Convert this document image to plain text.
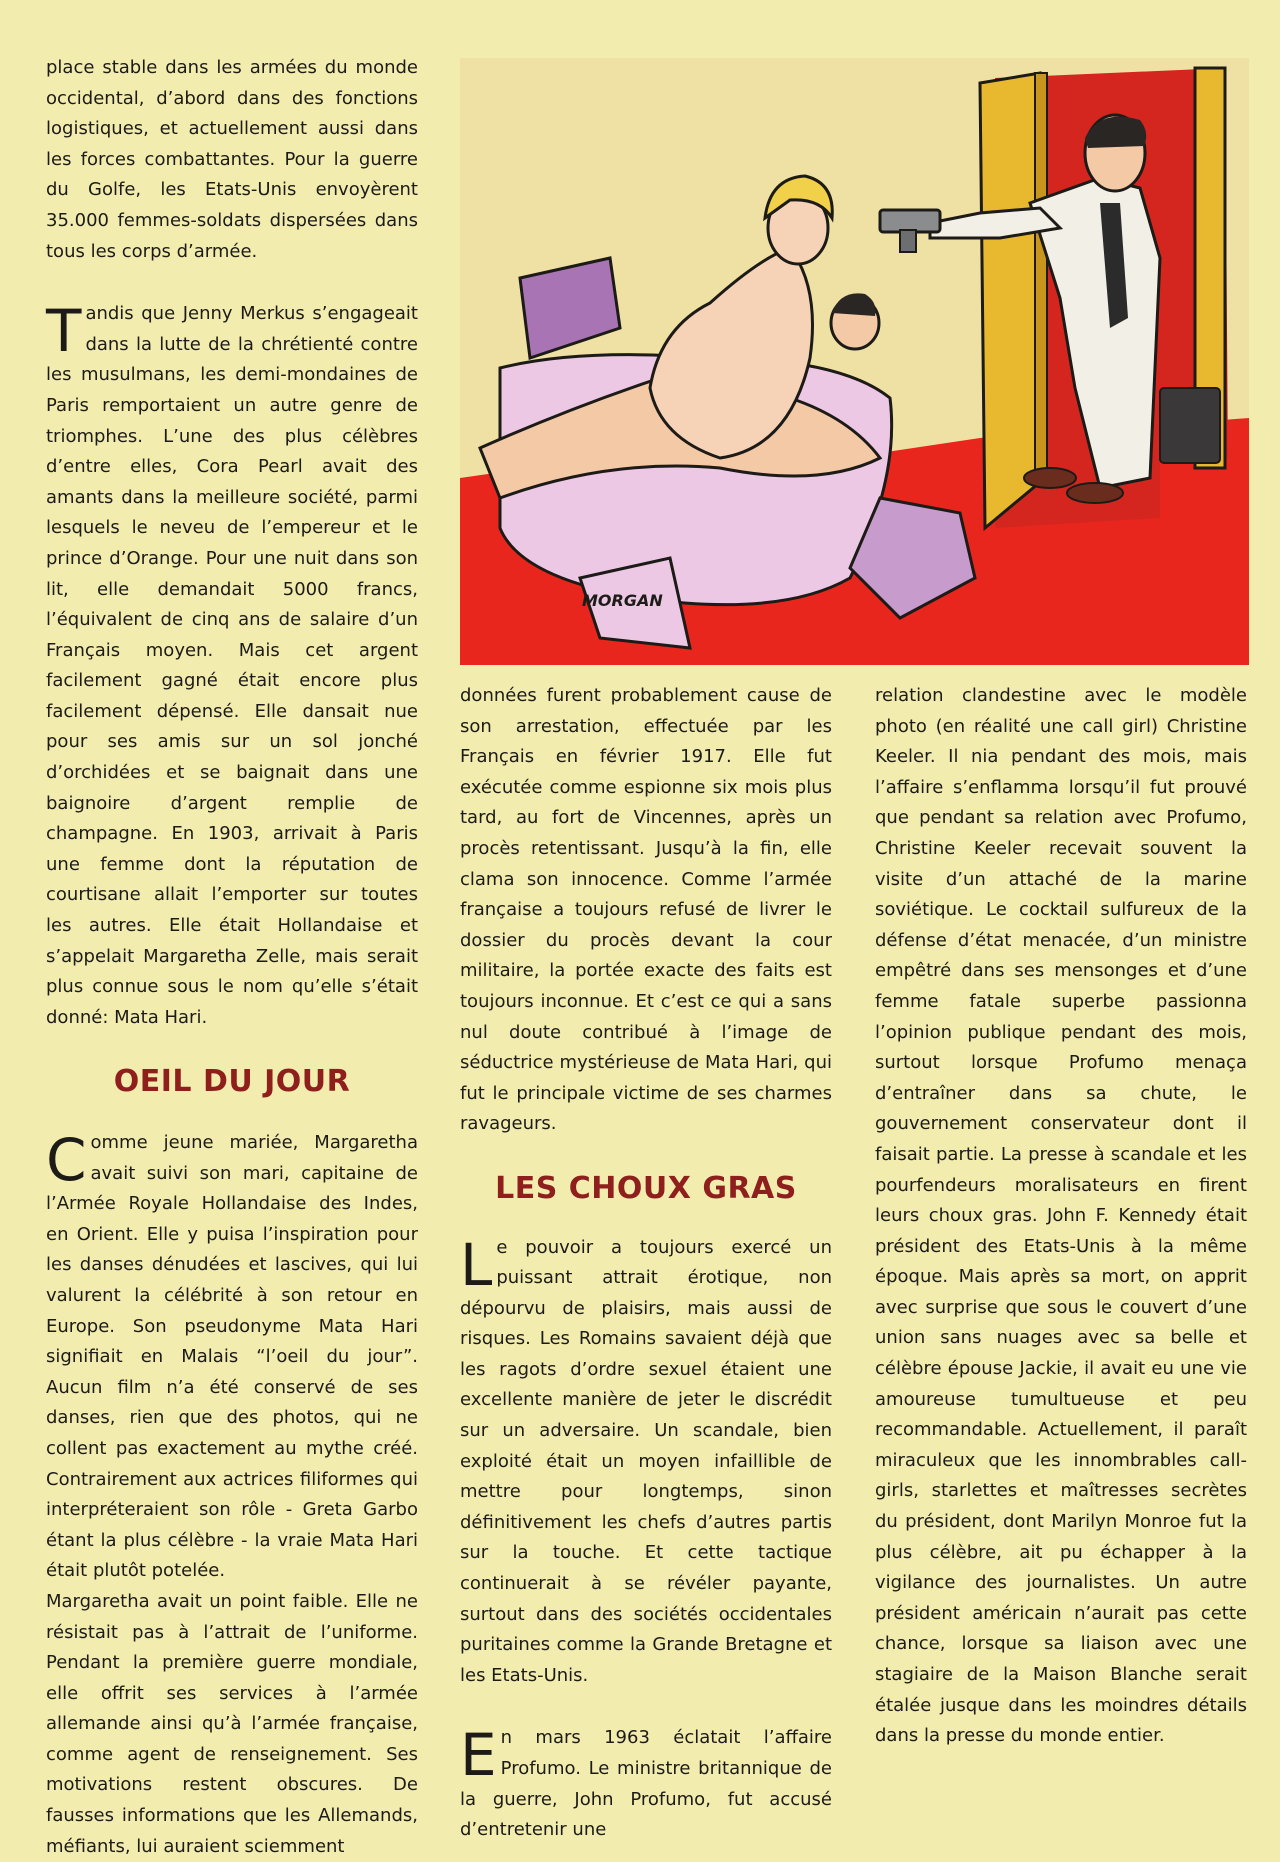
MORGAN

place stable dans les armées du monde occidental, d’abord dans des fonctions logistiques, et actuellement aussi dans les forces combattantes. Pour la guerre du Golfe, les Etats-Unis envoyèrent 35.000 femmes-soldats dispersées dans tous les corps d’armée.

Tandis que Jenny Merkus s’engageait dans la lutte de la chrétienté contre les musulmans, les demi-mondaines de Paris remportaient un autre genre de triomphes. L’une des plus célèbres d’entre elles, Cora Pearl avait des amants dans la meilleure société, parmi lesquels le neveu de l’empereur et le prince d’Orange. Pour une nuit dans son lit, elle demandait 5000 francs, l’équivalent de cinq ans de salaire d’un Français moyen. Mais cet argent facilement gagné était encore plus facilement dépensé. Elle dansait nue pour ses amis sur un sol jonché d’orchidées et se baignait dans une baignoire d’argent remplie de champagne. En 1903, arrivait à Paris une femme dont la réputation de courtisane allait l’emporter sur toutes les autres. Elle était Hollandaise et s’appelait Margaretha Zelle, mais serait plus connue sous le nom qu’elle s’était donné: Mata Hari.

OEIL DU JOUR

Comme jeune mariée, Margaretha avait suivi son mari, capitaine de l’Armée Royale Hollandaise des Indes, en Orient. Elle y puisa l’inspiration pour les danses dénudées et lascives, qui lui valurent la célébrité à son retour en Europe. Son pseudonyme Mata Hari signifiait en Malais “l’oeil du jour”. Aucun film n’a été conservé de ses danses, rien que des photos, qui ne collent pas exactement au mythe créé. Contrairement aux actrices filiformes qui interpréteraient son rôle - Greta Garbo étant la plus célèbre - la vraie Mata Hari était plutôt potelée.

Margaretha avait un point faible. Elle ne résistait pas à l’attrait de l’uniforme. Pendant la première guerre mondiale, elle offrit ses services à l’armée allemande ainsi qu’à l’armée française, comme agent de renseignement. Ses motivations restent obscures. De fausses informations que les Allemands, méfiants, lui auraient sciemment

données furent probablement cause de son arrestation, effectuée par les Français en février 1917. Elle fut exécutée comme espionne six mois plus tard, au fort de Vincennes, après un procès retentissant. Jusqu’à la fin, elle clama son innocence. Comme l’armée française a toujours refusé de livrer le dossier du procès devant la cour militaire, la portée exacte des faits est toujours inconnue. Et c’est ce qui a sans nul doute contribué à l’image de séductrice mystérieuse de Mata Hari, qui fut le principale victime de ses charmes ravageurs.

LES CHOUX GRAS

Le pouvoir a toujours exercé un puissant attrait érotique, non dépourvu de plaisirs, mais aussi de risques. Les Romains savaient déjà que les ragots d’ordre sexuel étaient une excellente manière de jeter le discrédit sur un adversaire. Un scandale, bien exploité était un moyen infaillible de mettre pour longtemps, sinon définitivement les chefs d’autres partis sur la touche. Et cette tactique continuerait à se révéler payante, surtout dans des sociétés occidentales puritaines comme la Grande Bretagne et les Etats-Unis.

En mars 1963 éclatait l’affaire Profumo. Le ministre britannique de la guerre, John Profumo, fut accusé d’entretenir une

relation clandestine avec le modèle photo (en réalité une call girl) Christine Keeler. Il nia pendant des mois, mais l’affaire s’enflamma lorsqu’il fut prouvé que pendant sa relation avec Profumo, Christine Keeler recevait souvent la visite d’un attaché de la marine soviétique. Le cocktail sulfureux de la défense d’état menacée, d’un ministre empêtré dans ses mensonges et d’une femme fatale superbe passionna l’opinion publique pendant des mois, surtout lorsque Profumo menaça d’entraîner dans sa chute, le gouvernement conservateur dont il faisait partie. La presse à scandale et les pourfendeurs moralisateurs en firent leurs choux gras. John F. Kennedy était président des Etats-Unis à la même époque. Mais après sa mort, on apprit avec surprise que sous le couvert d’une union sans nuages avec sa belle et célèbre épouse Jackie, il avait eu une vie amoureuse tumultueuse et peu recommandable. Actuellement, il paraît miraculeux que les innombrables call-girls, starlettes et maîtresses secrètes du président, dont Marilyn Monroe fut la plus célèbre, ait pu échapper à la vigilance des journalistes. Un autre président américain n’aurait pas cette chance, lorsque sa liaison avec une stagiaire de la Maison Blanche serait étalée jusque dans les moindres détails dans la presse du monde entier.
